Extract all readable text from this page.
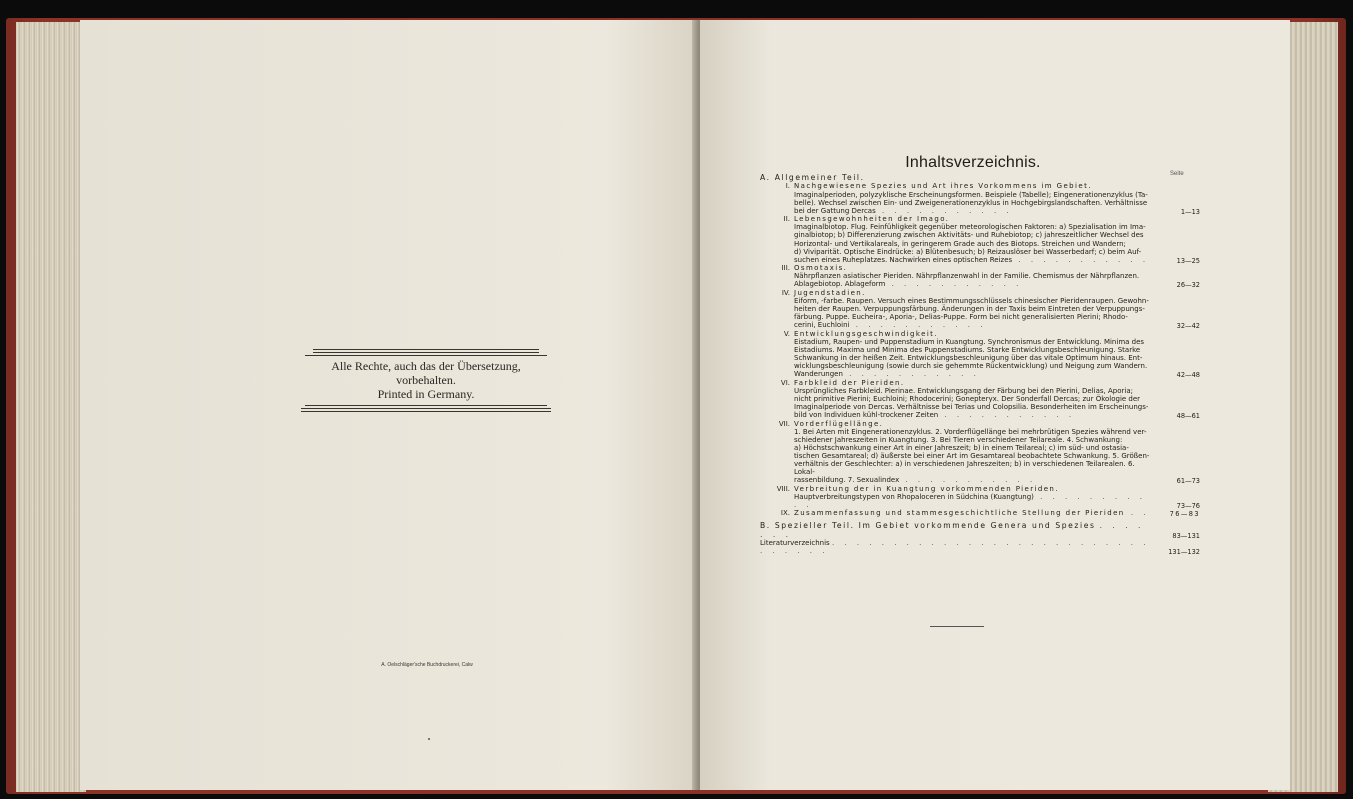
Alle Rechte, auch das der Übersetzung, vorbehalten.
Printed in Germany.
A. Oelschläger'sche Buchdruckerei, Calw
Inhaltsverzeichnis.
Seite
A. Allgemeiner Teil.
I. Nachgewiesene Spezies und Art ihres Vorkommens im Gebiet.
Imaginalperioden, polyzyklische Erscheinungsformen. Beispiele (Tabelle); Eingenerationenzyklus (Ta-
belle). Wechsel zwischen Ein- und Zweigenerationenzyklus in Hochgebirgslandschaften. Verhältnisse
bei der Gattung Dercas . . . . . . . . . . .	1—13
II. Lebensgewohnheiten der Imago.
Imaginalbiotop. Flug. Feinfühligkeit gegenüber meteorologischen Faktoren: a) Spezialisation im Ima-
ginalbiotop; b) Differenzierung zwischen Aktivitäts- und Ruhebiotop; c) jahreszeitlicher Wechsel des
Horizontal- und Vertikalareals, in geringerem Grade auch des Biotops. Streichen und Wandern;
d) Viviparität. Optische Eindrücke: a) Blütenbesuch; b) Reizauslöser bei Wasserbedarf; c) beim Auf-
suchen eines Ruheplatzes. Nachwirken eines optischen Reizes . . . . . . . . . . .	13—25
III. Osmotaxis.
Nährpflanzen asiatischer Pieriden. Nährpflanzenwahl in der Familie. Chemismus der Nährpflanzen.
Ablagebiotop. Ablageform . . . . . . . . . . .	26—32
IV. Jugendstadien.
Eiform, -farbe. Raupen. Versuch eines Bestimmungsschlüssels chinesischer Pieridenraupen. Gewohn-
heiten der Raupen. Verpuppungsfärbung. Änderungen in der Taxis beim Eintreten der Verpuppungs-
färbung. Puppe. Eucheira-, Aporia-, Delias-Puppe. Form bei nicht generalisierten Pierini; Rhodo-
cerini, Euchloini . . . . . . . . . . .	32—42
V. Entwicklungsgeschwindigkeit.
Eistadium, Raupen- und Puppenstadium in Kuangtung. Synchronismus der Entwicklung. Minima des
Eistadiums. Maxima und Minima des Puppenstadiums. Starke Entwicklungsbeschleunigung. Starke
Schwankung in der heißen Zeit. Entwicklungsbeschleunigung über das vitale Optimum hinaus. Ent-
wicklungsbeschleunigung (sowie durch sie gehemmte Rückentwicklung) und Neigung zum Wandern.
Wanderungen . . . . . . . . . . .	42—48
VI. Farbkleid der Pieriden.
Ursprüngliches Farbkleid. Pierinae. Entwicklungsgang der Färbung bei den Pierini, Delias, Aporia;
nicht primitive Pierini; Euchloini; Rhodocerini; Gonepteryx. Der Sonderfall Dercas; zur Ökologie der
Imaginalperiode von Dercas. Verhältnisse bei Terias und Colopsilia. Besonderheiten im Erscheinungs-
bild von Individuen kühl-trockener Zeiten . . . . . . . . . . .	48—61
VII. Vorderflügellänge.
1. Bei Arten mit Eingenerationenzyklus. 2. Vorderflügellänge bei mehrbrütigen Spezies während ver-
schiedener Jahreszeiten in Kuangtung. 3. Bei Tieren verschiedener Teilareale. 4. Schwankung:
a) Höchstschwankung einer Art in einer Jahreszeit; b) in einem Teilareal; c) im süd- und ostasia-
tischen Gesamtareal; d) äußerste bei einer Art im Gesamtareal beobachtete Schwankung. 5. Größen-
verhältnis der Geschlechter: a) in verschiedenen Jahreszeiten; b) in verschiedenen Teilarealen. 6. Lokal-
rassenbildung. 7. Sexualindex . . . . . . . . . . .	61—73
VIII. Verbreitung der in Kuangtung vorkommenden Pieriden.
Hauptverbreitungstypen von Rhopaloceren in Südchina (Kuangtung) . . . . . . . . . . .	73—76
IX. Zusammenfassung und stammesgeschichtliche Stellung der Pieriden . .	76—83
B. Spezieller Teil. Im Gebiet vorkommende Genera und Spezies . . . . . . .	83—131
Literaturverzeichnis . . . . . . . . . . . . . . . . . . . . . . . . . . . . . . . .	131—132
